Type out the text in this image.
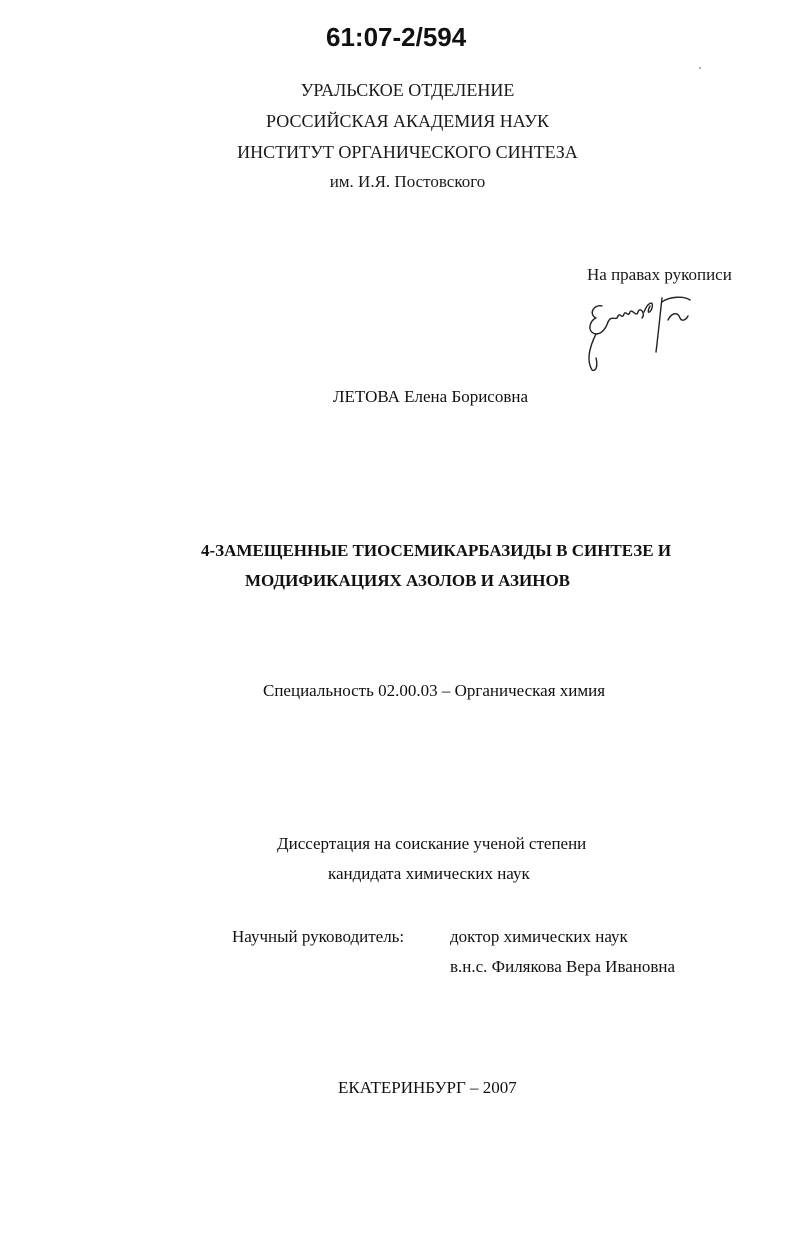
61:07-2/594
УРАЛЬСКОЕ ОТДЕЛЕНИЕ
РОССИЙСКАЯ АКАДЕМИЯ НАУК
ИНСТИТУТ ОРГАНИЧЕСКОГО СИНТЕЗА
им. И.Я. Постовского
На правах рукописи
ЛЕТОВА Елена Борисовна
4-ЗАМЕЩЕННЫЕ ТИОСЕМИКАРБАЗИДЫ В СИНТЕЗЕ И
МОДИФИКАЦИЯХ АЗОЛОВ И АЗИНОВ
Специальность 02.00.03 – Органическая химия
Диссертация на соискание ученой степени
кандидата химических наук
Научный руководитель:	доктор химических наук
в.н.с. Филякова Вера Ивановна
ЕКАТЕРИНБУРГ – 2007
